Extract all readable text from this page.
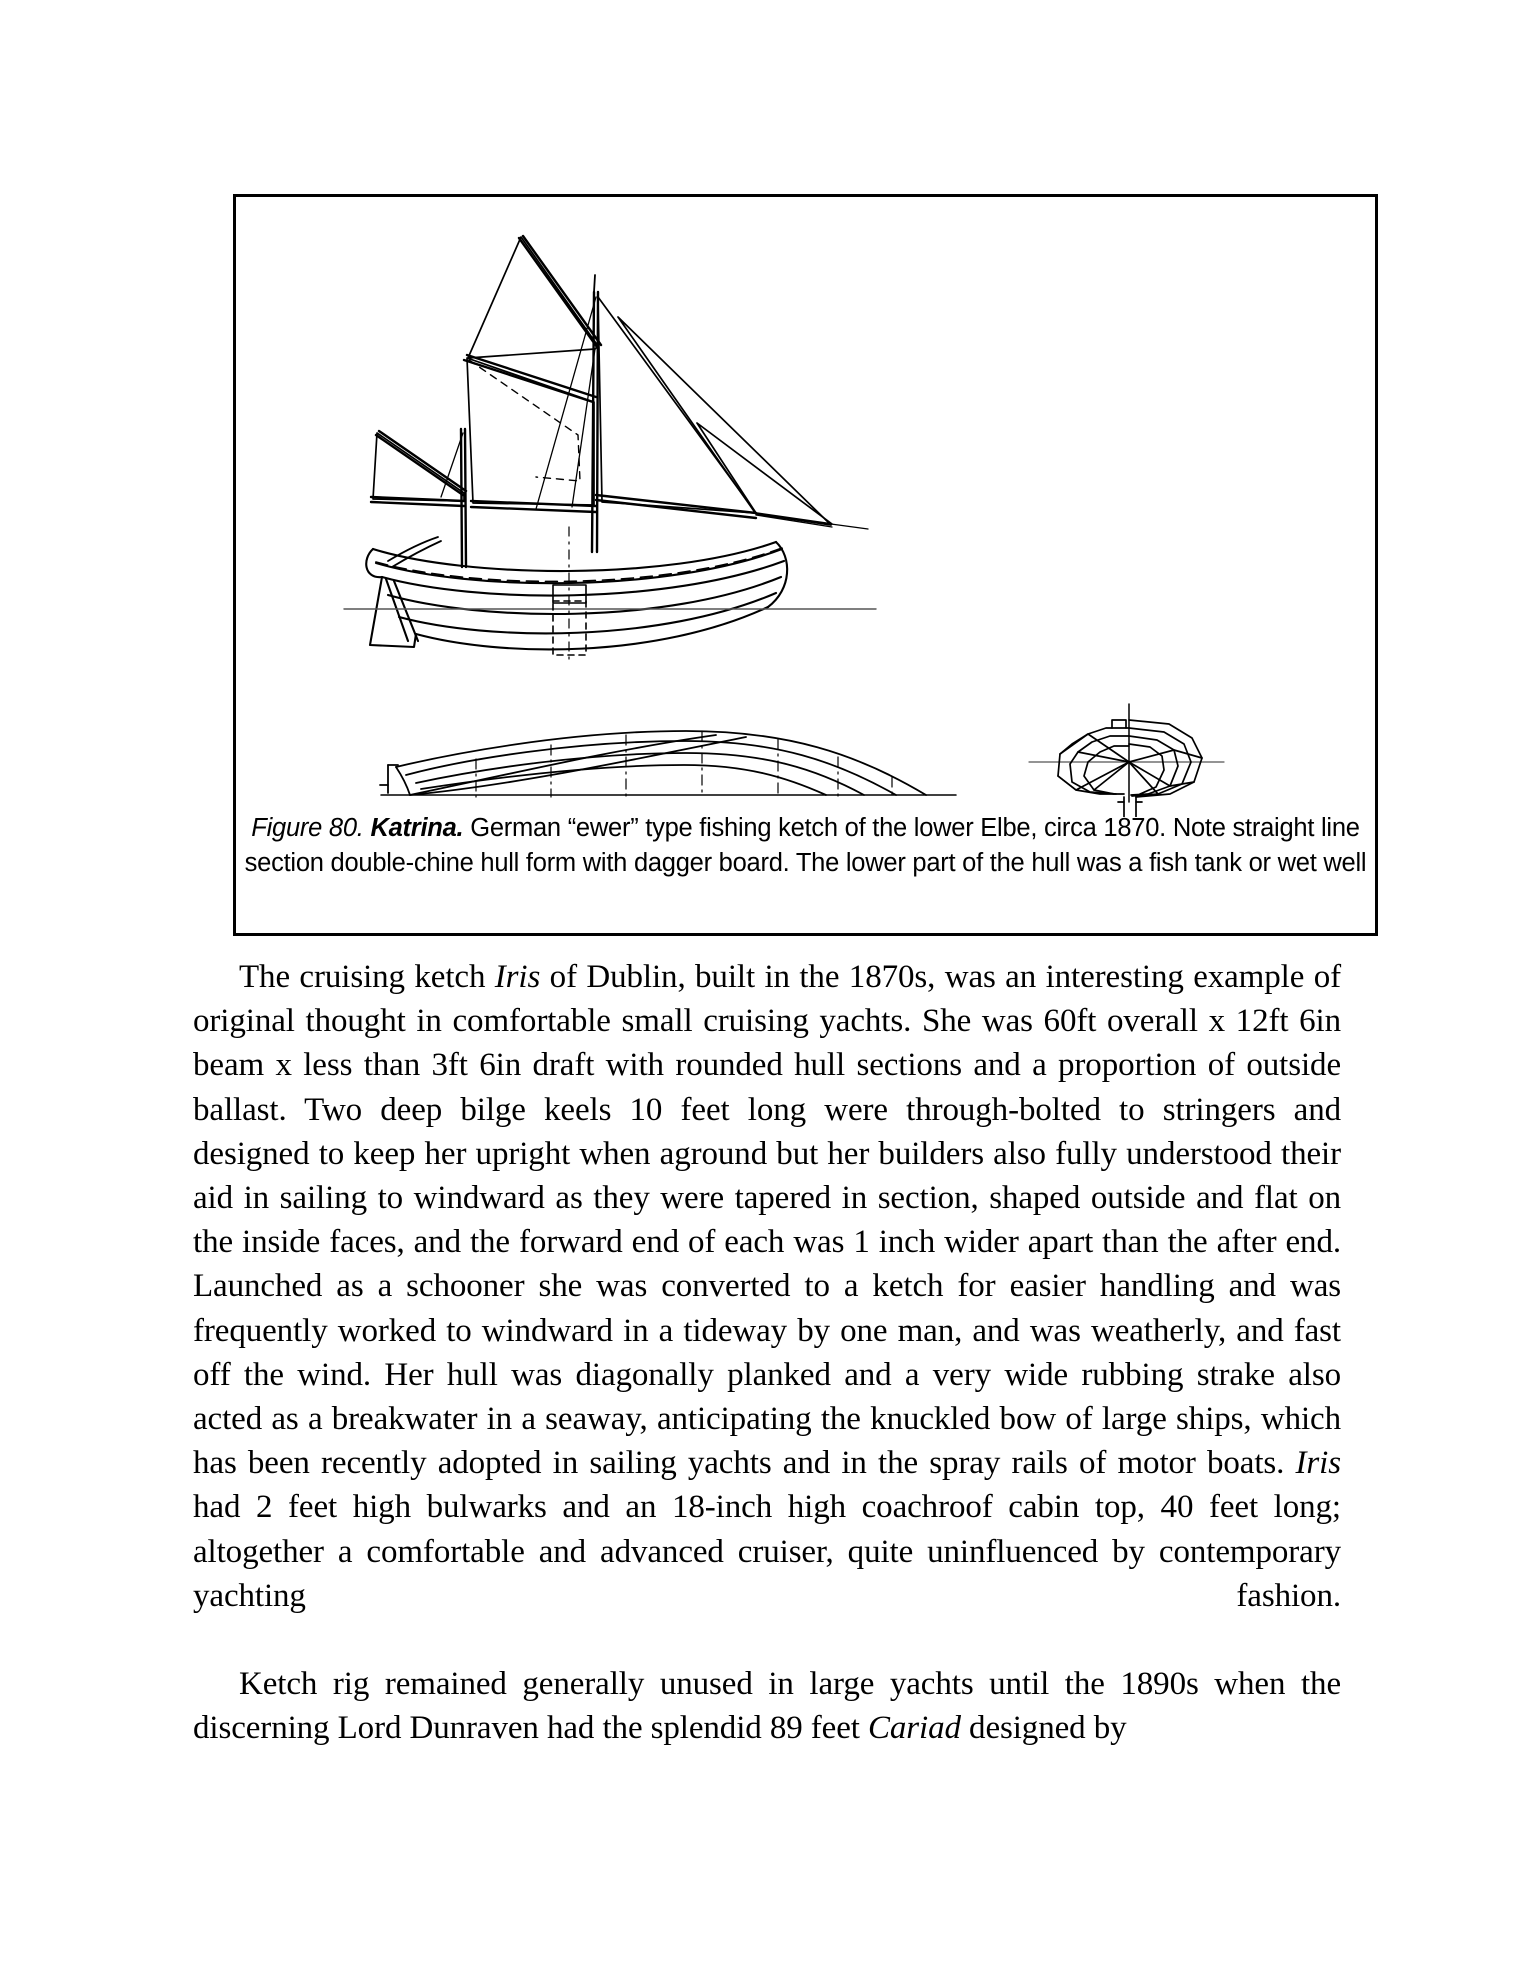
Figure 80. Katrina. German “ewer” type fishing ketch of the lower Elbe, circa 1870. Note straight line section double-chine hull form with dagger board. The lower part of the hull was a fish tank or wet well

The cruising ketch Iris of Dublin, built in the 1870s, was an interesting example of original thought in comfortable small cruising yachts. She was 60ft overall x 12ft 6in beam x less than 3ft 6in draft with rounded hull sections and a proportion of outside ballast. Two deep bilge keels 10 feet long were through-bolted to stringers and designed to keep her upright when aground but her builders also fully understood their aid in sailing to windward as they were tapered in section, shaped outside and flat on the inside faces, and the forward end of each was 1 inch wider apart than the after end. Launched as a schooner she was converted to a ketch for easier handling and was frequently worked to windward in a tideway by one man, and was weatherly, and fast off the wind. Her hull was diagonally planked and a very wide rubbing strake also acted as a breakwater in a seaway, anticipating the knuckled bow of large ships, which has been recently adopted in sailing yachts and in the spray rails of motor boats. Iris had 2 feet high bulwarks and an 18-inch high coachroof cabin top, 40 feet long; altogether a comfortable and advanced cruiser, quite uninfluenced by contemporary yachting fashion.

Ketch rig remained generally unused in large yachts until the 1890s when the discerning Lord Dunraven had the splendid 89 feet Cariad designed by
